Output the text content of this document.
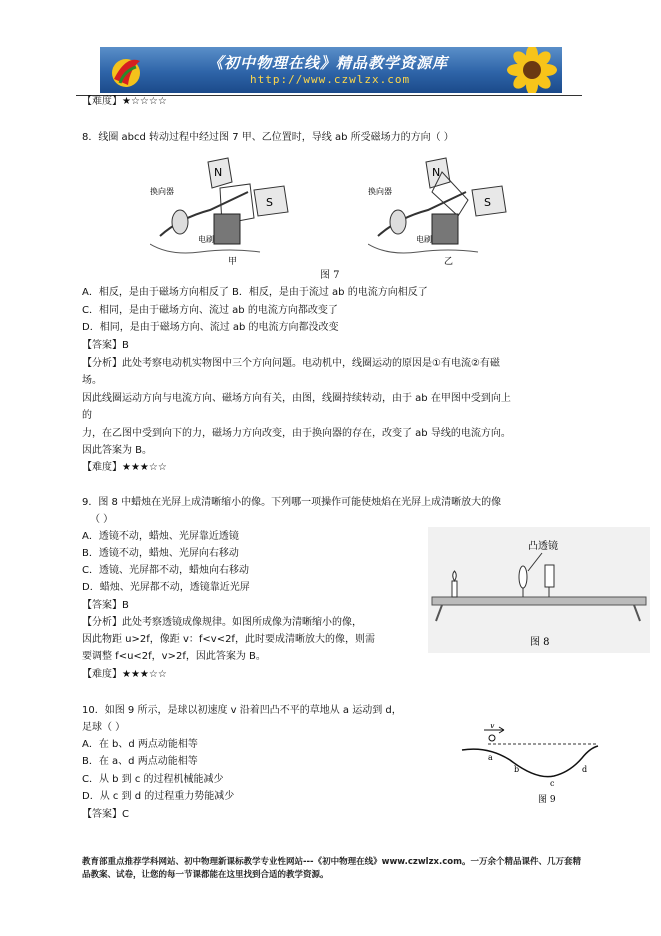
《初中物理在线》精品教学资源库
http://www.czwlzx.com
【难度】★☆☆☆☆
8．线圈 abcd 转动过程中经过图 7 甲、乙位置时，导线 ab 所受磁场力的方向（ ）
N
S
换向器
电刷
甲
图 7
N
S
换向器
电刷
乙
A．相反，是由于磁场方向相反了 B．相反，是由于流过 ab 的电流方向相反了
C．相同，是由于磁场方向、流过 ab 的电流方向都改变了
D．相同，是由于磁场方向、流过 ab 的电流方向都没改变
【答案】B
【分析】此处考察电动机实物图中三个方向问题。电动机中，线圈运动的原因是①有电流②有磁
场。
因此线圈运动方向与电流方向、磁场方向有关，由图，线圈持续转动，由于 ab 在甲图中受到向上
的
力，在乙图中受到向下的力，磁场力方向改变，由于换向器的存在，改变了 ab 导线的电流方向。
因此答案为 B。
【难度】★★★☆☆
9．图 8 中蜡烛在光屏上成清晰缩小的像。下列哪一项操作可能使烛焰在光屏上成清晰放大的像
（ ）
A．透镜不动，蜡烛、光屏靠近透镜
B．透镜不动，蜡烛、光屏向右移动
C．透镜、光屏都不动，蜡烛向右移动
D．蜡烛、光屏都不动，透镜靠近光屏
【答案】B
【分析】此处考察透镜成像规律。如图所成像为清晰缩小的像，
因此物距 u>2f，像距 v：f<v<2f，此时要成清晰放大的像，则需
要调整 f<u<2f，v>2f，因此答案为 B。
【难度】★★★☆☆
凸透镜
图 8
10．如图 9 所示，是球以初速度 v 沿着凹凸不平的草地从 a 运动到 d，
足球（ ）
A．在 b、d 两点动能相等
B．在 a、d 两点动能相等
C．从 b 到 c 的过程机械能减少
D．从 c 到 d 的过程重力势能减少
【答案】C
v
a
b
c
d
图 9
教育部重点推荐学科网站、初中物理新课标教学专业性网站---《初中物理在线》www.czwlzx.com。一万余个精品课件、几万套精品教案、试卷，让您的每一节课都能在这里找到合适的教学资源。
